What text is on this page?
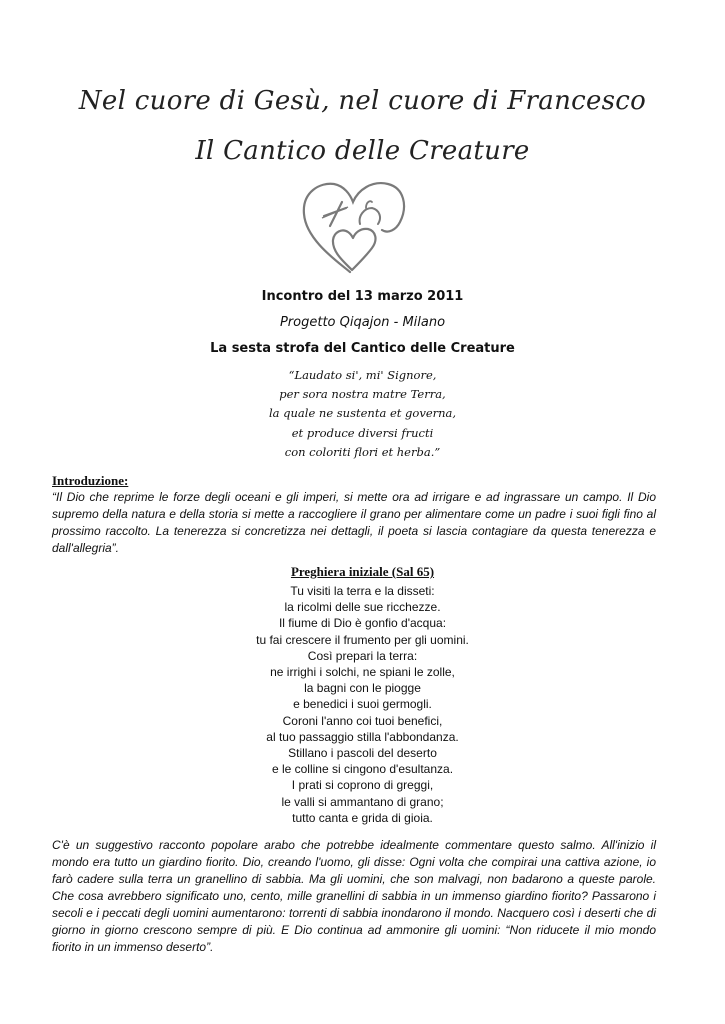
Nel cuore di Gesù, nel cuore di Francesco
Il Cantico delle Creature
Incontro del 13 marzo 2011
Progetto Qiqajon - Milano
La sesta strofa del Cantico delle Creature
“Laudato si', mi' Signore,
per sora nostra matre Terra,
la quale ne sustenta et governa,
et produce diversi fructi
con coloriti flori et herba.”
Introduzione:
“Il Dio che reprime le forze degli oceani e gli imperi, si mette ora ad irrigare e ad ingrassare un campo. Il Dio supremo della natura e della storia si mette a raccogliere il grano per alimentare come un padre i suoi figli fino al prossimo raccolto. La tenerezza si concretizza nei dettagli, il poeta si lascia contagiare da questa tenerezza e dall'allegria”.
Preghiera iniziale (Sal 65)
Tu visiti la terra e la disseti:
la ricolmi delle sue ricchezze.
Il fiume di Dio è gonfio d'acqua:
tu fai crescere il frumento per gli uomini.
Così prepari la terra:
ne irrighi i solchi, ne spiani le zolle,
la bagni con le piogge
e benedici i suoi germogli.
Coroni l'anno coi tuoi benefici,
al tuo passaggio stilla l'abbondanza.
Stillano i pascoli del deserto
e le colline si cingono d'esultanza.
I prati si coprono di greggi,
le valli si ammantano di grano;
tutto canta e grida di gioia.
C'è un suggestivo racconto popolare arabo che potrebbe idealmente commentare questo salmo. All'inizio il mondo era tutto un giardino fiorito. Dio, creando l'uomo, gli disse: Ogni volta che compirai una cattiva azione, io farò cadere sulla terra un granellino di sabbia. Ma gli uomini, che son malvagi, non badarono a queste parole. Che cosa avrebbero significato uno, cento, mille granellini di sabbia in un immenso giardino fiorito? Passarono i secoli e i peccati degli uomini aumentarono: torrenti di sabbia inondarono il mondo. Nacquero così i deserti che di giorno in giorno crescono sempre di più. E Dio continua ad ammonire gli uomini: “Non riducete il mio mondo fiorito in un immenso deserto”.
